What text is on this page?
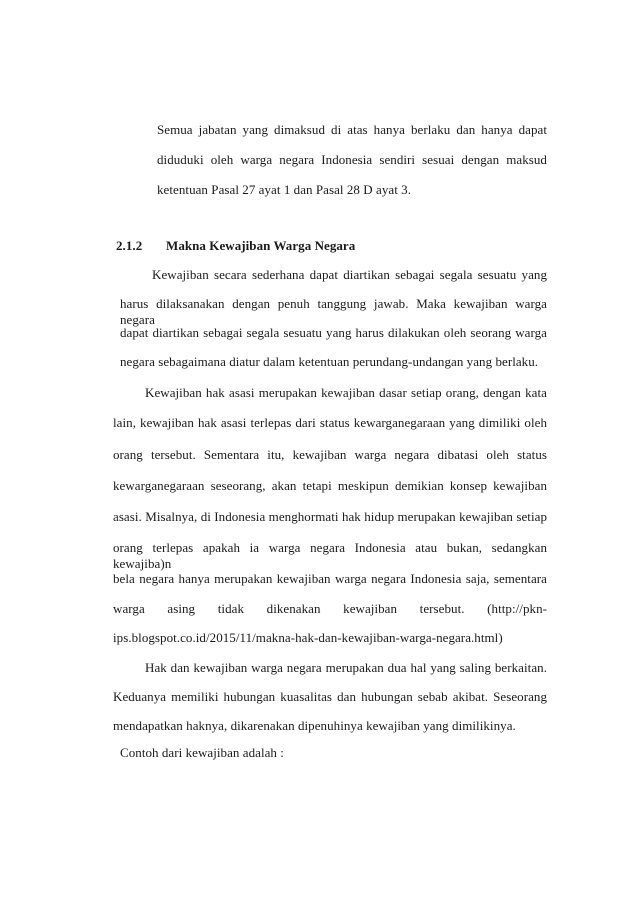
Semua jabatan yang dimaksud di atas hanya berlaku dan hanya dapat
diduduki oleh warga negara Indonesia sendiri sesuai dengan maksud
ketentuan Pasal 27 ayat 1 dan Pasal 28 D ayat 3.
2.1.2 Makna Kewajiban Warga Negara
Kewajiban secara sederhana dapat diartikan sebagai segala sesuatu yang
harus dilaksanakan dengan penuh tanggung jawab. Maka kewajiban warga negara
dapat diartikan sebagai segala sesuatu yang harus dilakukan oleh seorang warga
negara sebagaimana diatur dalam ketentuan perundang-undangan yang berlaku.
Kewajiban hak asasi merupakan kewajiban dasar setiap orang, dengan kata
lain, kewajiban hak asasi terlepas dari status kewarganegaraan yang dimiliki oleh
orang tersebut. Sementara itu, kewajiban warga negara dibatasi oleh status
kewarganegaraan seseorang, akan tetapi meskipun demikian konsep kewajiban
asasi. Misalnya, di Indonesia menghormati hak hidup merupakan kewajiban setiap
orang terlepas apakah ia warga negara Indonesia atau bukan, sedangkan kewajiba)n
bela negara hanya merupakan kewajiban warga negara Indonesia saja, sementara
warga asing tidak dikenakan kewajiban tersebut. (http://pkn-
ips.blogspot.co.id/2015/11/makna-hak-dan-kewajiban-warga-negara.html)
Hak dan kewajiban warga negara merupakan dua hal yang saling berkaitan.
Keduanya memiliki hubungan kuasalitas dan hubungan sebab akibat. Seseorang
mendapatkan haknya, dikarenakan dipenuhinya kewajiban yang dimilikinya.
Contoh dari kewajiban adalah :
